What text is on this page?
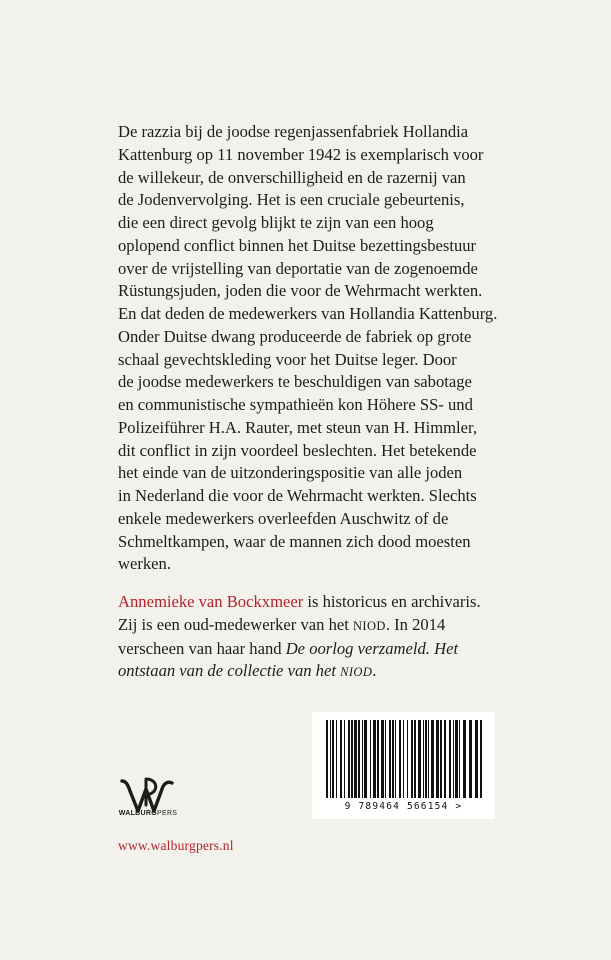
De razzia bij de joodse regenjassenfabriek Hollandia
Kattenburg op 11 november 1942 is exemplarisch voor
de willekeur, de onverschilligheid en de razernij van
de Jodenvervolging. Het is een cruciale gebeurtenis,
die een direct gevolg blijkt te zijn van een hoog
oplopend conflict binnen het Duitse bezettingsbestuur
over de vrijstelling van deportatie van de zogenoemde
Rüstungsjuden, joden die voor de Wehrmacht werkten.
En dat deden de medewerkers van Hollandia Kattenburg.
Onder Duitse dwang produceerde de fabriek op grote
schaal gevechtskleding voor het Duitse leger. Door
de joodse medewerkers te beschuldigen van sabotage
en communistische sympathieën kon Höhere SS- und
Polizeiführer H.A. Rauter, met steun van H. Himmler,
dit conflict in zijn voordeel beslechten. Het betekende
het einde van de uitzonderingspositie van alle joden
in Nederland die voor de Wehrmacht werkten. Slechts
enkele medewerkers overleefden Auschwitz of de
Schmeltkampen, waar de mannen zich dood moesten
werken.
Annemieke van Bockxmeer is historicus en archivaris.
Zij is een oud-medewerker van het NIOD. In 2014
verscheen van haar hand De oorlog verzameld. Het
ontstaan van de collectie van het NIOD.
9 789464 566154 >
WALBURGPERS
www.walburgpers.nl
